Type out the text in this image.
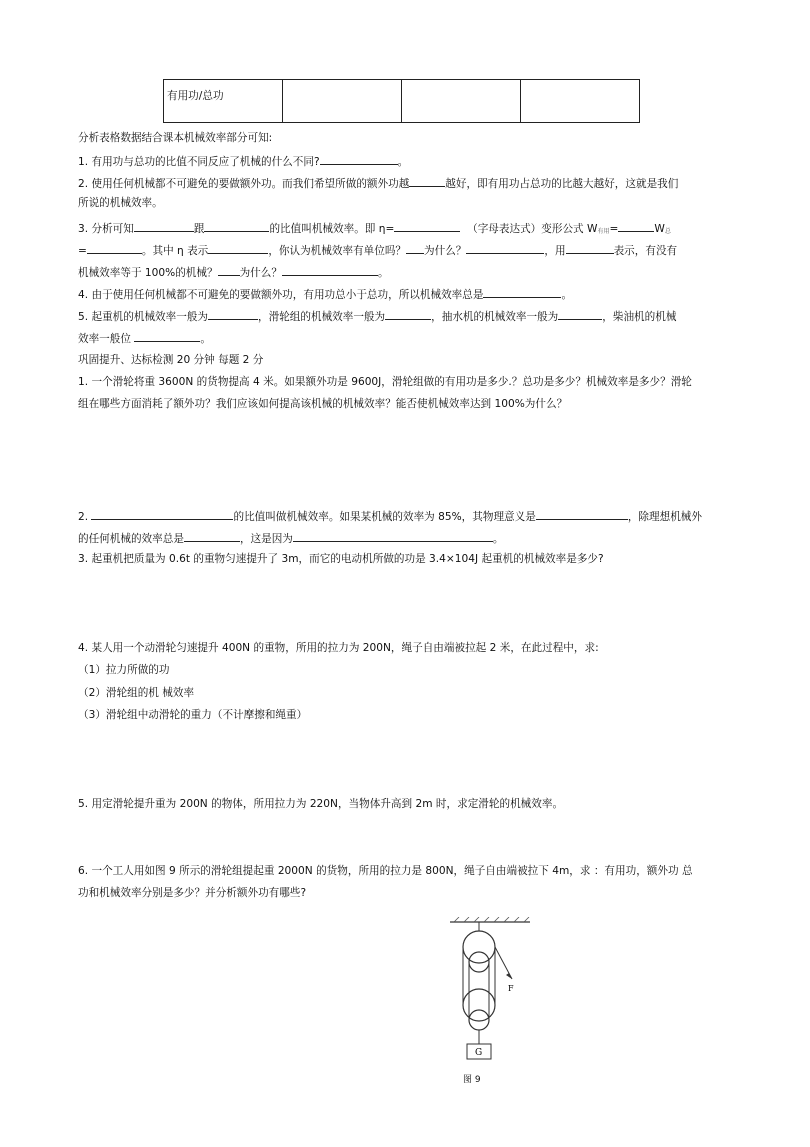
有用功/总功			
分析表格数据结合课本机械效率部分可知:
1. 有用功与总功的比值不同反应了机械的什么不同?	。
2. 使用任何机械都不可避免的要做额外功。而我们希望所做的额外功越	越好，即有用功占总功的比越大越好，这就是我们
所说的机械效率。
3. 分析可知	跟	的比值叫机械效率。即 η=	（字母表达式）变形公式 W有用=	W总
=	。其中 η 表示	，你认为机械效率有单位吗？ 为什么？	，用	表示，有没有
机械效率等于 100%的机械？ 为什么？	。
4. 由于使用任何机械都不可避免的要做额外功，有用功总小于总功，所以机械效率总是	。
5. 起重机的机械效率一般为	，滑轮组的机械效率一般为	，抽水机的机械效率一般为	，柴油机的机械
效率一般位	。
巩固提升、达标检测 20 分钟 每题 2 分
1. 一个滑轮将重 3600N 的货物提高 4 米。如果额外功是 9600J，滑轮组做的有用功是多少.？总功是多少？机械效率是多少？滑轮
组在哪些方面消耗了额外功？我们应该如何提高该机械的机械效率？能否使机械效率达到 100%为什么？
2.	的比值叫做机械效率。如果某机械的效率为 85%，其物理意义是	，除理想机械外
的任何机械的效率总是	，这是因为	。
3. 起重机把质量为 0.6t 的重物匀速提升了 3m，而它的电动机所做的功是 3.4×104J 起重机的机械效率是多少?
4. 某人用一个动滑轮匀速提升 400N 的重物，所用的拉力为 200N，绳子自由端被拉起 2 米，在此过程中，求:
（1）拉力所做的功
（2）滑轮组的机 械效率
（3）滑轮组中动滑轮的重力（不计摩擦和绳重）
5. 用定滑轮提升重为 200N 的物体，所用拉力为 220N，当物体升高到 2m 时，求定滑轮的机械效率。
6. 一个工人用如图 9 所示的滑轮组提起重 2000N 的货物，所用的拉力是 800N，绳子自由端被拉下 4m，求 ：有用功，额外功 总
功和机械效率分别是多少？并分析额外功有哪些?
F
G
图 9
